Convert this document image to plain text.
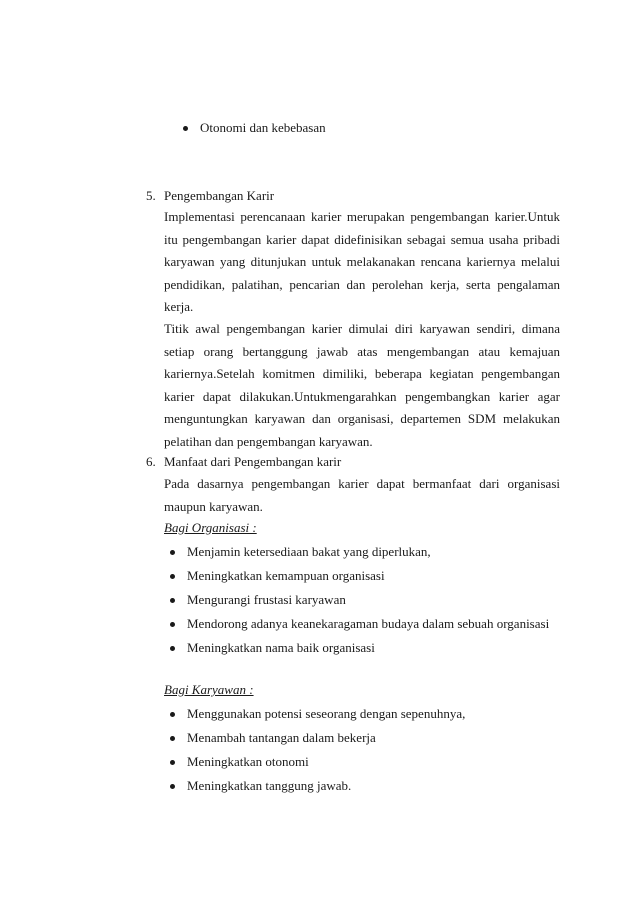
Otonomi dan kebebasan
5. Pengembangan Karir

Implementasi perencanaan karier merupakan pengembangan karier.Untuk
itu pengembangan karier dapat didefinisikan sebagai semua usaha pribadi
karyawan yang ditunjukan untuk melakanakan rencana kariernya melalui
pendidikan, palatihan, pencarian dan perolehan kerja, serta pengalaman
kerja.

Titik awal pengembangan karier dimulai diri karyawan sendiri, dimana
setiap orang bertanggung jawab atas mengembangan atau kemajuan
kariernya.Setelah komitmen dimiliki, beberapa kegiatan pengembangan
karier dapat dilakukan.Untukmengarahkan pengembangkan karier agar
menguntungkan karyawan dan organisasi, departemen SDM melakukan
pelatihan dan pengembangan karyawan.

6. Manfaat dari Pengembangan karir

Pada dasarnya pengembangan karier dapat bermanfaat dari organisasi
maupun karyawan.

Bagi Organisasi :
Menjamin ketersediaan bakat yang diperlukan,
Meningkatkan kemampuan organisasi
Mengurangi frustasi karyawan
Mendorong adanya keanekaragaman budaya dalam sebuah organisasi
Meningkatkan nama baik organisasi
Bagi Karyawan :
Menggunakan potensi seseorang dengan sepenuhnya,
Menambah tantangan dalam bekerja
Meningkatkan otonomi
Meningkatkan tanggung jawab.
